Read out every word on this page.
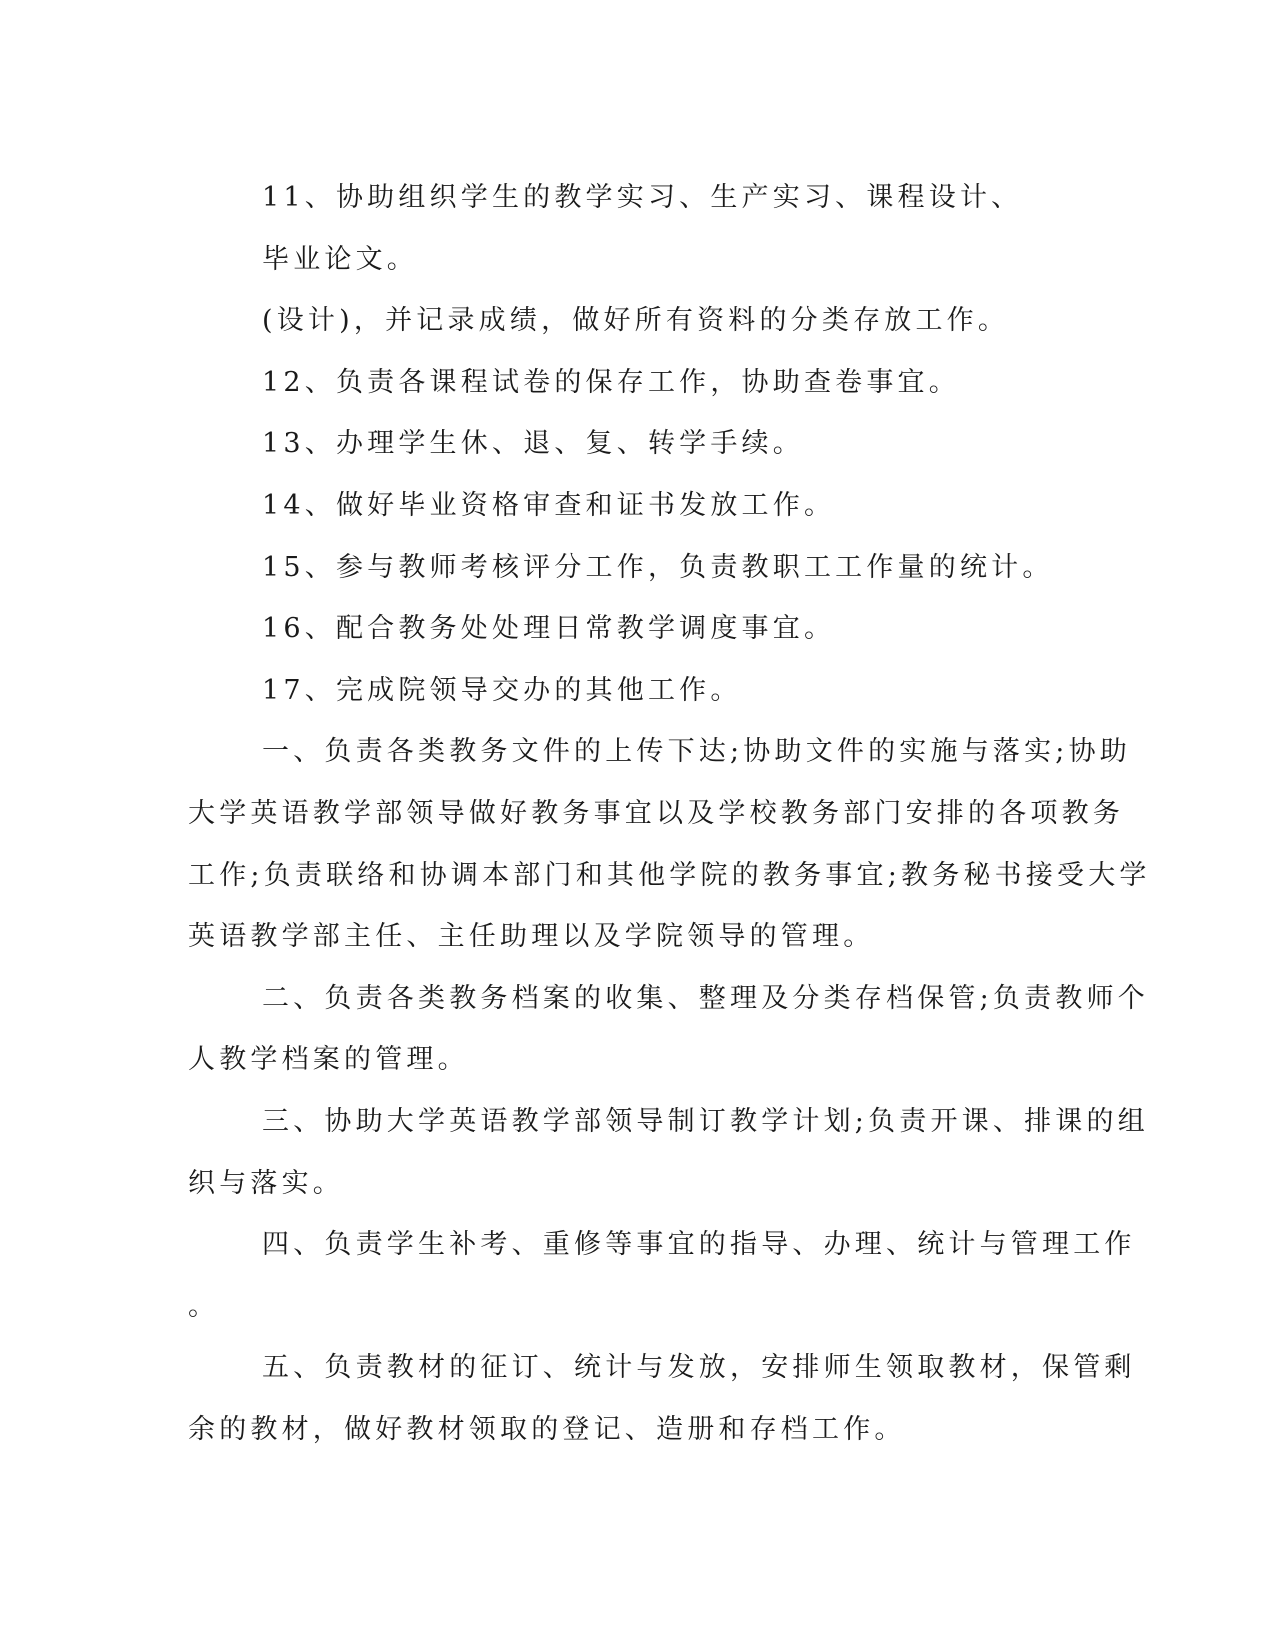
11、协助组织学生的教学实习、生产实习、课程设计、
毕业论文。
(设计)，并记录成绩，做好所有资料的分类存放工作。
12、负责各课程试卷的保存工作，协助查卷事宜。
13、办理学生休、退、复、转学手续。
14、做好毕业资格审查和证书发放工作。
15、参与教师考核评分工作，负责教职工工作量的统计。
16、配合教务处处理日常教学调度事宜。
17、完成院领导交办的其他工作。
一、负责各类教务文件的上传下达;协助文件的实施与落实;协助
大学英语教学部领导做好教务事宜以及学校教务部门安排的各项教务
工作;负责联络和协调本部门和其他学院的教务事宜;教务秘书接受大学
英语教学部主任、主任助理以及学院领导的管理。
二、负责各类教务档案的收集、整理及分类存档保管;负责教师个
人教学档案的管理。
三、协助大学英语教学部领导制订教学计划;负责开课、排课的组
织与落实。
四、负责学生补考、重修等事宜的指导、办理、统计与管理工作
。
五、负责教材的征订、统计与发放，安排师生领取教材，保管剩
余的教材，做好教材领取的登记、造册和存档工作。
